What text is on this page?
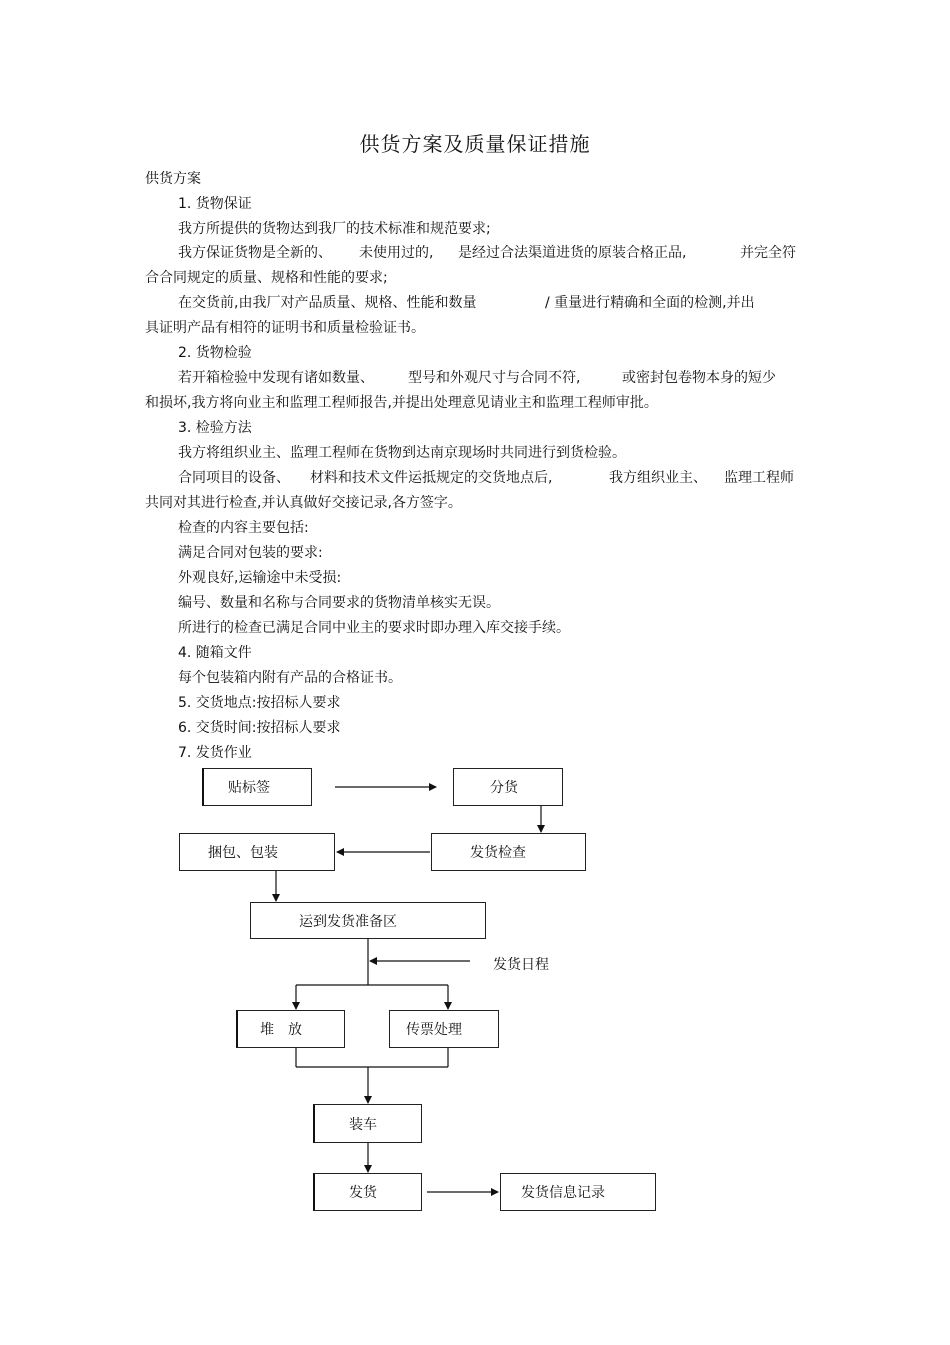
供货方案及质量保证措施
供货方案
1. 货物保证
我方所提供的货物达到我厂的技术标准和规范要求;
我方保证货物是全新的、 未使用过的, 是经过合法渠道进货的原装合格正品,	并完全符
合合同规定的质量、规格和性能的要求;
在交货前,由我厂对产品质量、规格、性能和数量	/ 重量进行精确和全面的检测,并出
具证明产品有相符的证明书和质量检验证书。
2. 货物检验
若开箱检验中发现有诸如数量、 型号和外观尺寸与合同不符,	或密封包卷物本身的短少
和损坏,我方将向业主和监理工程师报告,并提出处理意见请业主和监理工程师审批。
3. 检验方法
我方将组织业主、监理工程师在货物到达南京现场时共同进行到货检验。
合同项目的设备、 材料和技术文件运抵规定的交货地点后,	我方组织业主、 监理工程师
共同对其进行检查,并认真做好交接记录,各方签字。
检查的内容主要包括:
满足合同对包装的要求:
外观良好,运输途中未受损:
编号、数量和名称与合同要求的货物清单核实无误。
所进行的检查已满足合同中业主的要求时即办理入库交接手续。
4. 随箱文件
每个包装箱内附有产品的合格证书。
5. 交货地点:按招标人要求
6. 交货时间:按招标人要求
7. 发货作业
贴标签	分货
发货检查
捆包、包装
运到发货准备区
发货日程
堆　放	传票处理
装车
发货	发货信息记录
